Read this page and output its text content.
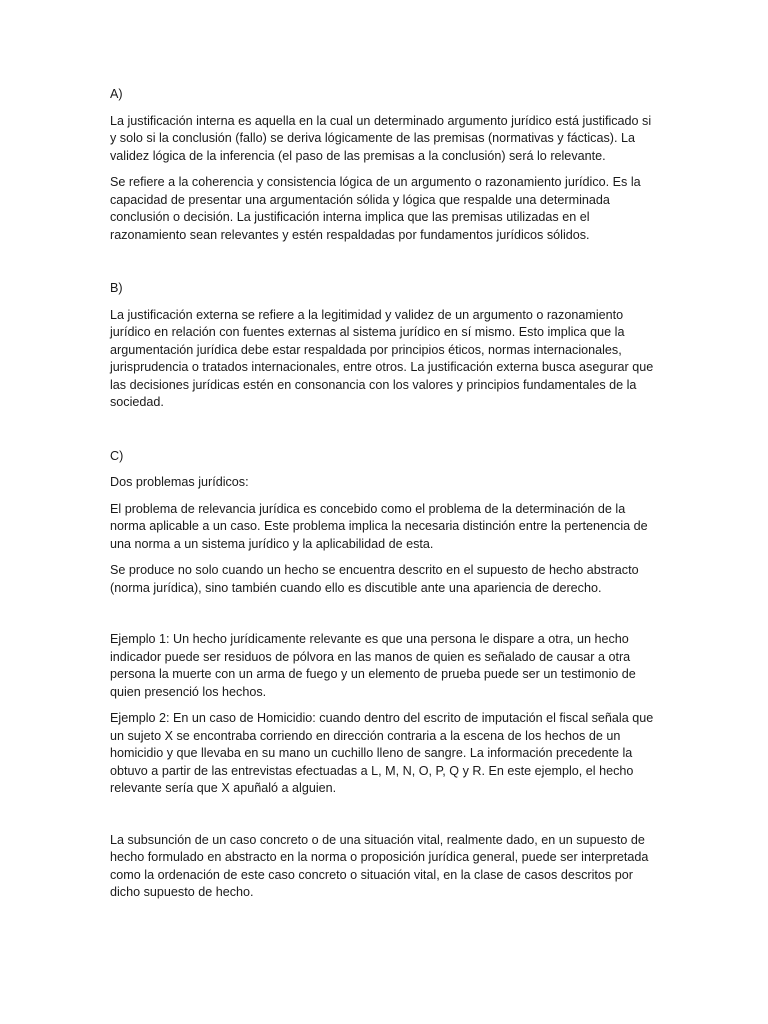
A)

La justificación interna es aquella en la cual un determinado argumento jurídico está justificado si y solo si la conclusión (fallo) se deriva lógicamente de las premisas (normativas y fácticas). La validez lógica de la inferencia (el paso de las premisas a la conclusión) será lo relevante.

Se refiere a la coherencia y consistencia lógica de un argumento o razonamiento jurídico. Es la capacidad de presentar una argumentación sólida y lógica que respalde una determinada conclusión o decisión. La justificación interna implica que las premisas utilizadas en el razonamiento sean relevantes y estén respaldadas por fundamentos jurídicos sólidos.

B)

La justificación externa se refiere a la legitimidad y validez de un argumento o razonamiento jurídico en relación con fuentes externas al sistema jurídico en sí mismo. Esto implica que la argumentación jurídica debe estar respaldada por principios éticos, normas internacionales, jurisprudencia o tratados internacionales, entre otros. La justificación externa busca asegurar que las decisiones jurídicas estén en consonancia con los valores y principios fundamentales de la sociedad.

C)

Dos problemas jurídicos:

El problema de relevancia jurídica es concebido como el problema de la determinación de la norma aplicable a un caso. Este problema implica la necesaria distinción entre la pertenencia de una norma a un sistema jurídico y la aplicabilidad de esta.

Se produce no solo cuando un hecho se encuentra descrito en el supuesto de hecho abstracto (norma jurídica), sino también cuando ello es discutible ante una apariencia de derecho.

Ejemplo 1: Un hecho jurídicamente relevante es que una persona le dispare a otra, un hecho indicador puede ser residuos de pólvora en las manos de quien es señalado de causar a otra persona la muerte con un arma de fuego y un elemento de prueba puede ser un testimonio de quien presenció los hechos.

Ejemplo 2: En un caso de Homicidio: cuando dentro del escrito de imputación el fiscal señala que un sujeto X se encontraba corriendo en dirección contraria a la escena de los hechos de un homicidio y que llevaba en su mano un cuchillo lleno de sangre. La información precedente la obtuvo a partir de las entrevistas efectuadas a L, M, N, O, P, Q y R. En este ejemplo, el hecho relevante sería que X apuñaló a alguien.

La subsunción de un caso concreto o de una situación vital, realmente dado, en un supuesto de hecho formulado en abstracto en la norma o proposición jurídica general, puede ser interpretada como la ordenación de este caso concreto o situación vital, en la clase de casos descritos por dicho supuesto de hecho.
